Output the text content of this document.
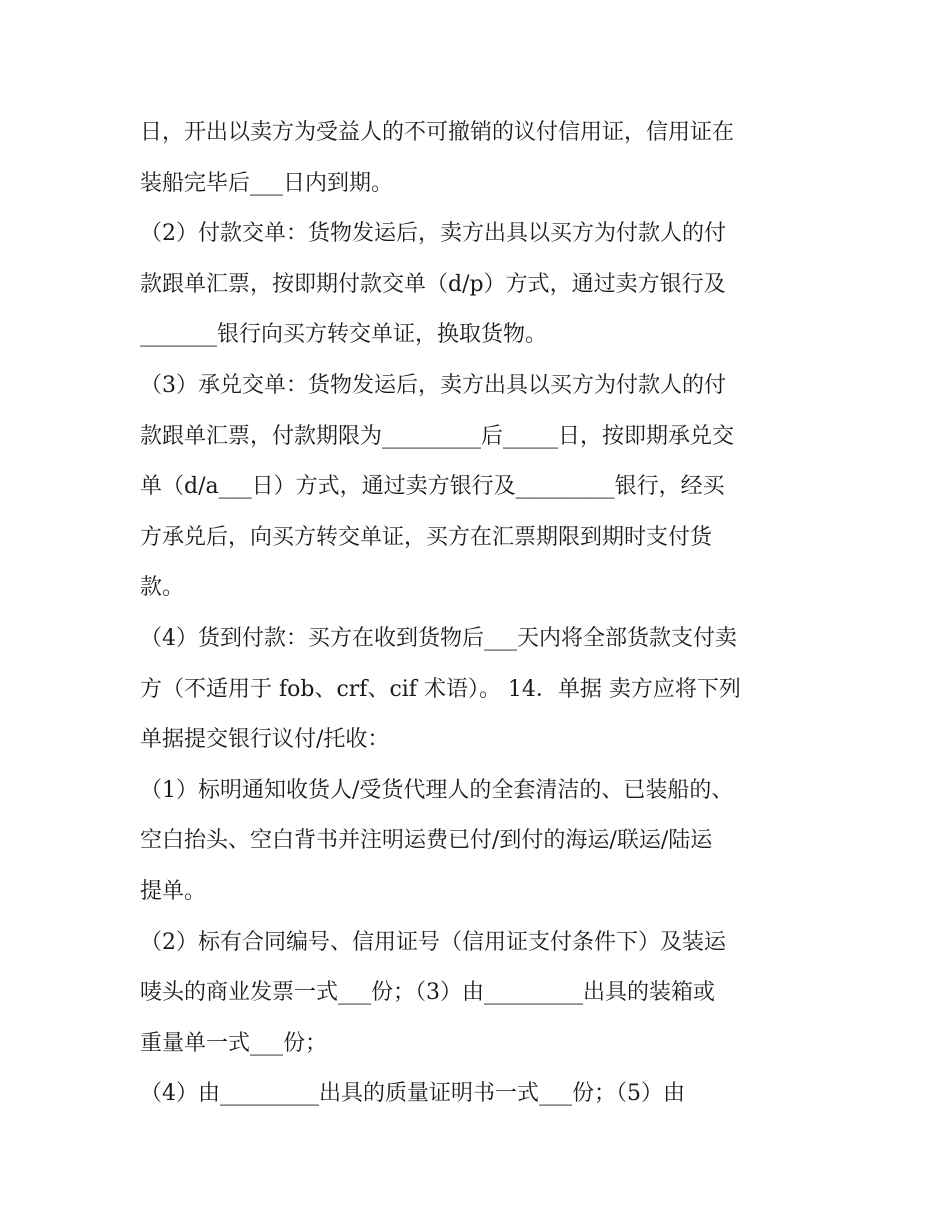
日，开出以卖方为受益人的不可撤销的议付信用证，信用证在
装船完毕后___日内到期。
（2）付款交单：货物发运后，卖方出具以买方为付款人的付
款跟单汇票，按即期付款交单（d/p）方式，通过卖方银行及
_______银行向买方转交单证，换取货物。
（3）承兑交单：货物发运后，卖方出具以买方为付款人的付
款跟单汇票，付款期限为_________后_____日，按即期承兑交
单（d/a___日）方式，通过卖方银行及_________银行，经买
方承兑后，向买方转交单证，买方在汇票期限到期时支付货
款。
（4）货到付款：买方在收到货物后___天内将全部货款支付卖
方（不适用于 fob、crf、cif 术语）。 14．单据 卖方应将下列
单据提交银行议付/托收：
（1）标明通知收货人/受货代理人的全套清洁的、已装船的、
空白抬头、空白背书并注明运费已付/到付的海运/联运/陆运
提单。
（2）标有合同编号、信用证号（信用证支付条件下）及装运
唛头的商业发票一式___份；（3）由_________出具的装箱或
重量单一式___份；
（4）由_________出具的质量证明书一式___份；（5）由
